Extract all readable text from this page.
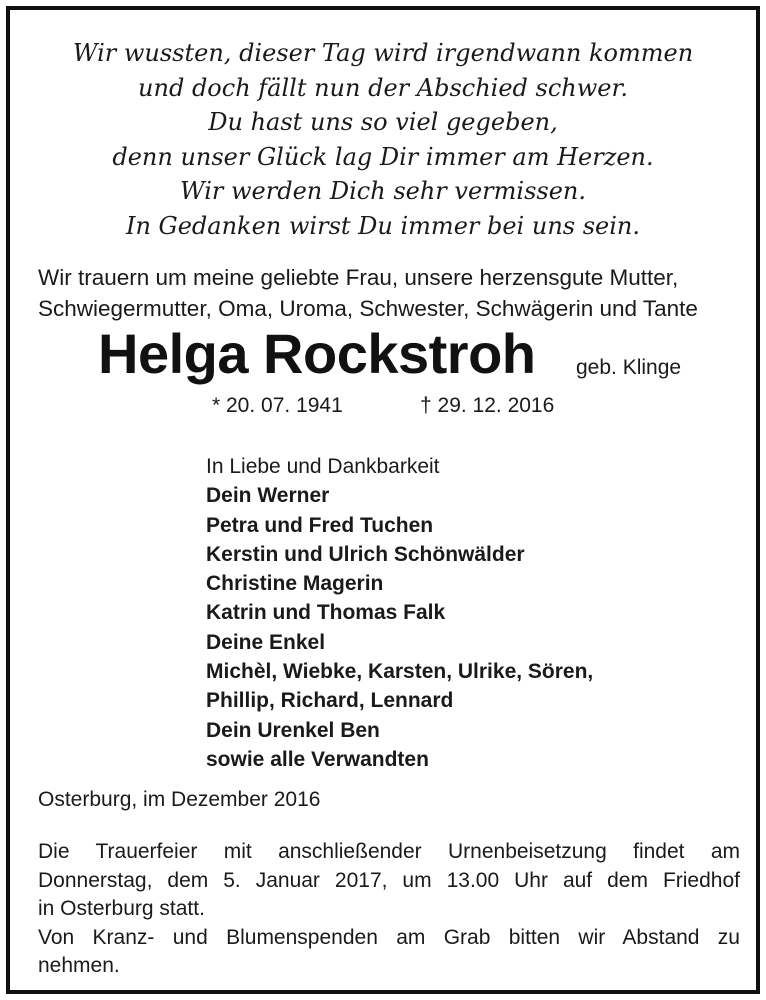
Wir wussten, dieser Tag wird irgendwann kommen
und doch fällt nun der Abschied schwer.
Du hast uns so viel gegeben,
denn unser Glück lag Dir immer am Herzen.
Wir werden Dich sehr vermissen.
In Gedanken wirst Du immer bei uns sein.
Wir trauern um meine geliebte Frau, unsere herzensgute Mutter,
Schwiegermutter, Oma, Uroma, Schwester, Schwägerin und Tante
Helga Rockstroh geb. Klinge
* 20. 07. 1941	† 29. 12. 2016
In Liebe und Dankbarkeit
Dein Werner
Petra und Fred Tuchen
Kerstin und Ulrich Schönwälder
Christine Magerin
Katrin und Thomas Falk
Deine Enkel
Michèl, Wiebke, Karsten, Ulrike, Sören,
Phillip, Richard, Lennard
Dein Urenkel Ben
sowie alle Verwandten
Osterburg, im Dezember 2016
Die Trauerfeier mit anschließender Urnenbeisetzung findet am
Donnerstag, dem 5. Januar 2017, um 13.00 Uhr auf dem Friedhof
in Osterburg statt.
Von Kranz- und Blumenspenden am Grab bitten wir Abstand zu
nehmen.
